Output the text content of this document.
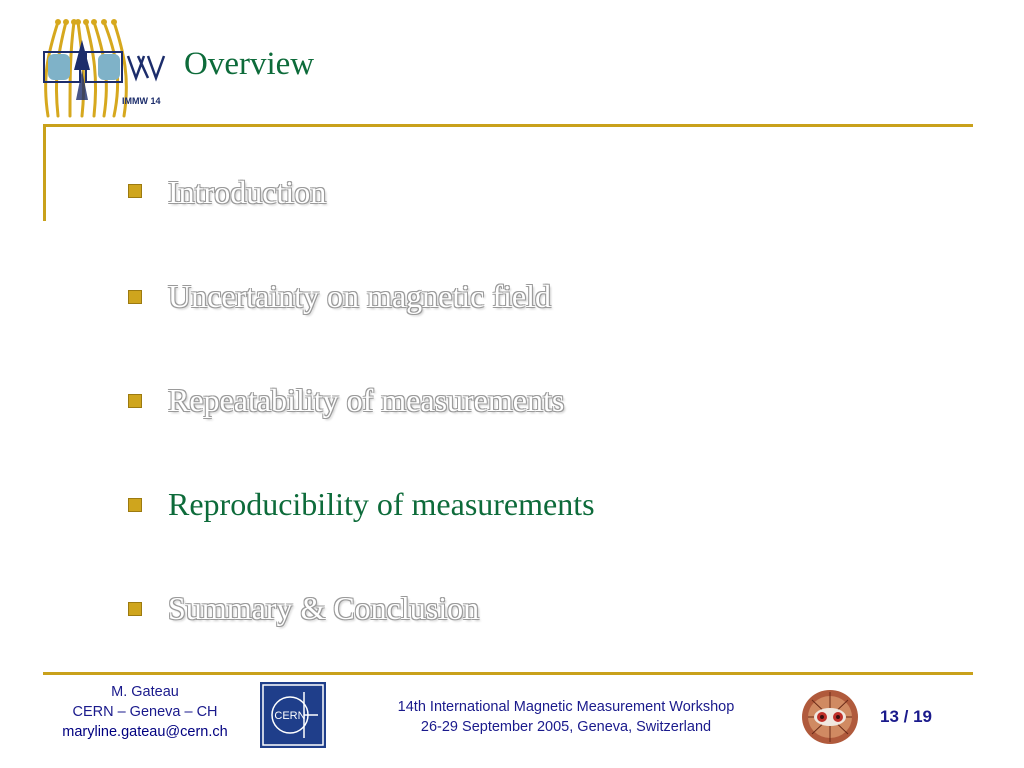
IMMW 14
Overview
Introduction
Uncertainty on magnetic field
Repeatability of measurements
Reproducibility of measurements
Summary & Conclusion
M. Gateau
CERN – Geneva – CH
maryline.gateau@cern.ch
CERN
14th International Magnetic Measurement Workshop
26-29 September 2005, Geneva, Switzerland
13 / 19
